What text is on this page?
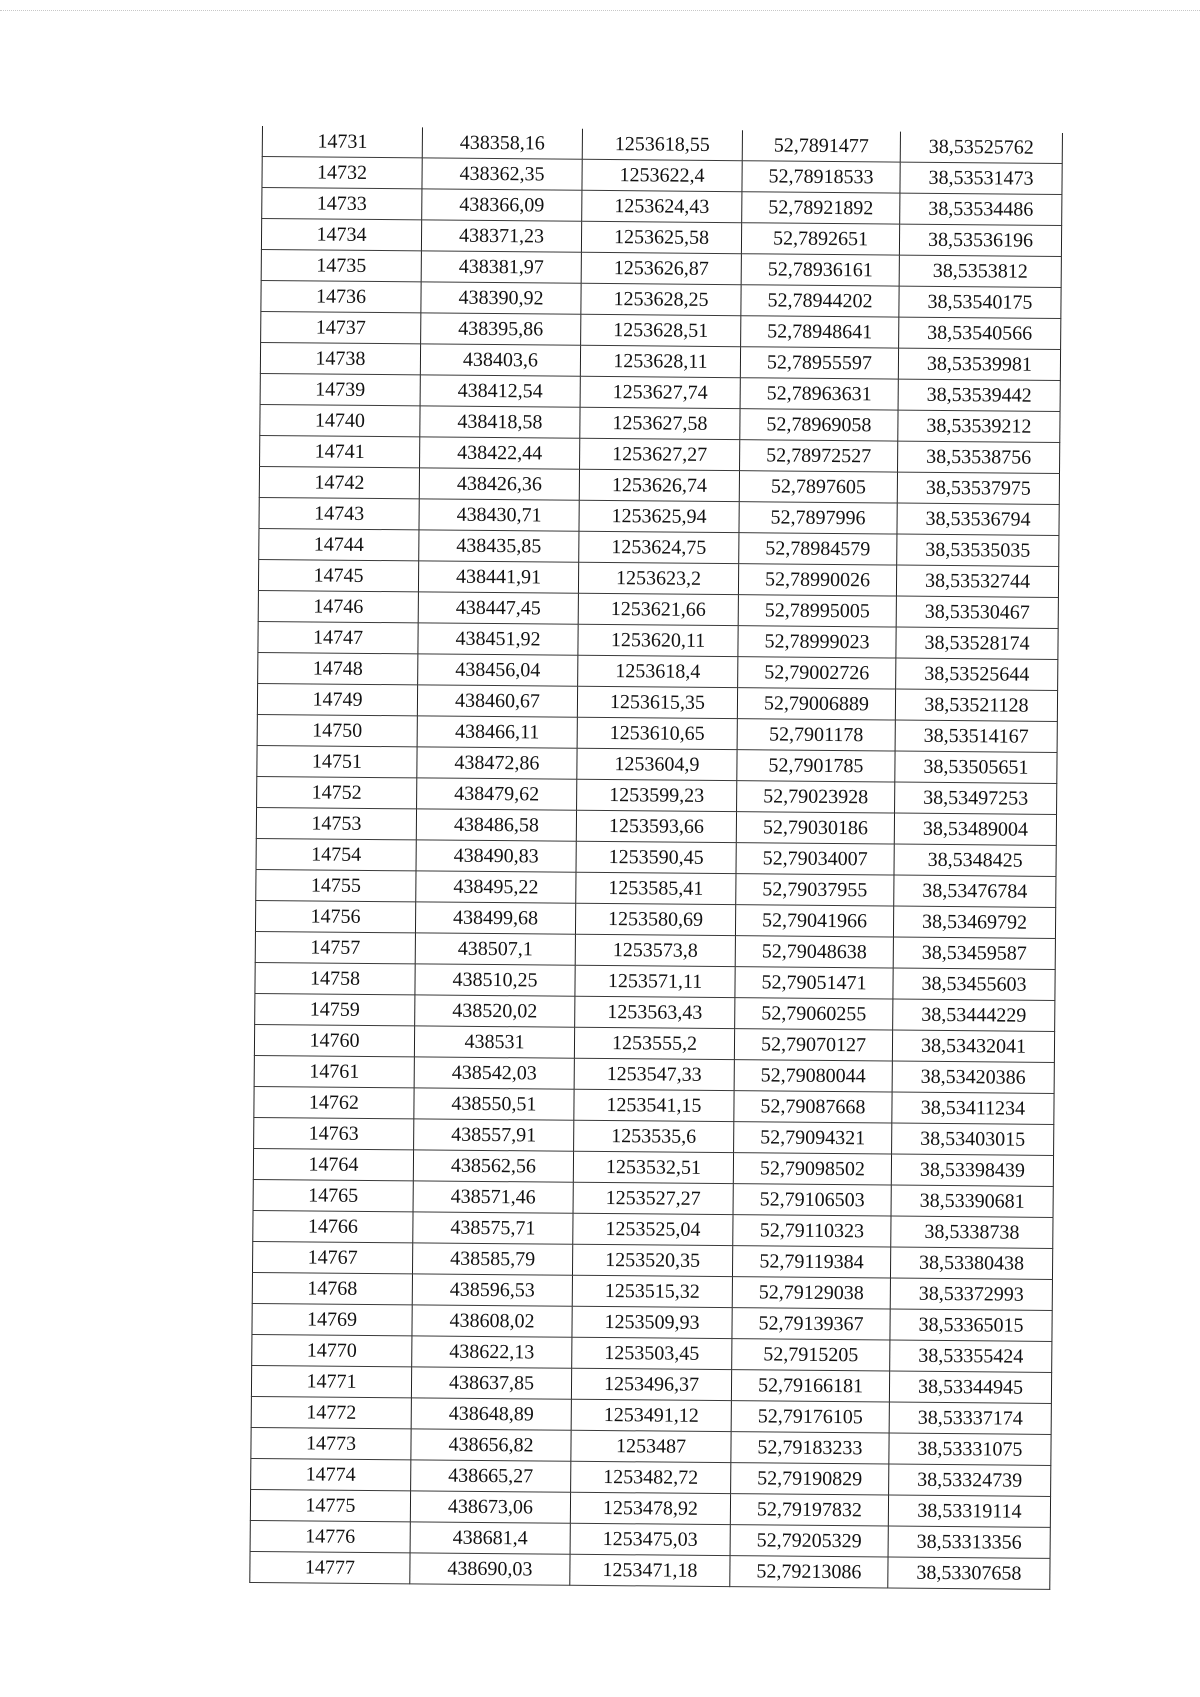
14731	438358,16	1253618,55	52,7891477	38,53525762
14732	438362,35	1253622,4	52,78918533	38,53531473
14733	438366,09	1253624,43	52,78921892	38,53534486
14734	438371,23	1253625,58	52,7892651	38,53536196
14735	438381,97	1253626,87	52,78936161	38,5353812
14736	438390,92	1253628,25	52,78944202	38,53540175
14737	438395,86	1253628,51	52,78948641	38,53540566
14738	438403,6	1253628,11	52,78955597	38,53539981
14739	438412,54	1253627,74	52,78963631	38,53539442
14740	438418,58	1253627,58	52,78969058	38,53539212
14741	438422,44	1253627,27	52,78972527	38,53538756
14742	438426,36	1253626,74	52,7897605	38,53537975
14743	438430,71	1253625,94	52,7897996	38,53536794
14744	438435,85	1253624,75	52,78984579	38,53535035
14745	438441,91	1253623,2	52,78990026	38,53532744
14746	438447,45	1253621,66	52,78995005	38,53530467
14747	438451,92	1253620,11	52,78999023	38,53528174
14748	438456,04	1253618,4	52,79002726	38,53525644
14749	438460,67	1253615,35	52,79006889	38,53521128
14750	438466,11	1253610,65	52,7901178	38,53514167
14751	438472,86	1253604,9	52,7901785	38,53505651
14752	438479,62	1253599,23	52,79023928	38,53497253
14753	438486,58	1253593,66	52,79030186	38,53489004
14754	438490,83	1253590,45	52,79034007	38,5348425
14755	438495,22	1253585,41	52,79037955	38,53476784
14756	438499,68	1253580,69	52,79041966	38,53469792
14757	438507,1	1253573,8	52,79048638	38,53459587
14758	438510,25	1253571,11	52,79051471	38,53455603
14759	438520,02	1253563,43	52,79060255	38,53444229
14760	438531	1253555,2	52,79070127	38,53432041
14761	438542,03	1253547,33	52,79080044	38,53420386
14762	438550,51	1253541,15	52,79087668	38,53411234
14763	438557,91	1253535,6	52,79094321	38,53403015
14764	438562,56	1253532,51	52,79098502	38,53398439
14765	438571,46	1253527,27	52,79106503	38,53390681
14766	438575,71	1253525,04	52,79110323	38,5338738
14767	438585,79	1253520,35	52,79119384	38,53380438
14768	438596,53	1253515,32	52,79129038	38,53372993
14769	438608,02	1253509,93	52,79139367	38,53365015
14770	438622,13	1253503,45	52,7915205	38,53355424
14771	438637,85	1253496,37	52,79166181	38,53344945
14772	438648,89	1253491,12	52,79176105	38,53337174
14773	438656,82	1253487	52,79183233	38,53331075
14774	438665,27	1253482,72	52,79190829	38,53324739
14775	438673,06	1253478,92	52,79197832	38,53319114
14776	438681,4	1253475,03	52,79205329	38,53313356
14777	438690,03	1253471,18	52,79213086	38,53307658
